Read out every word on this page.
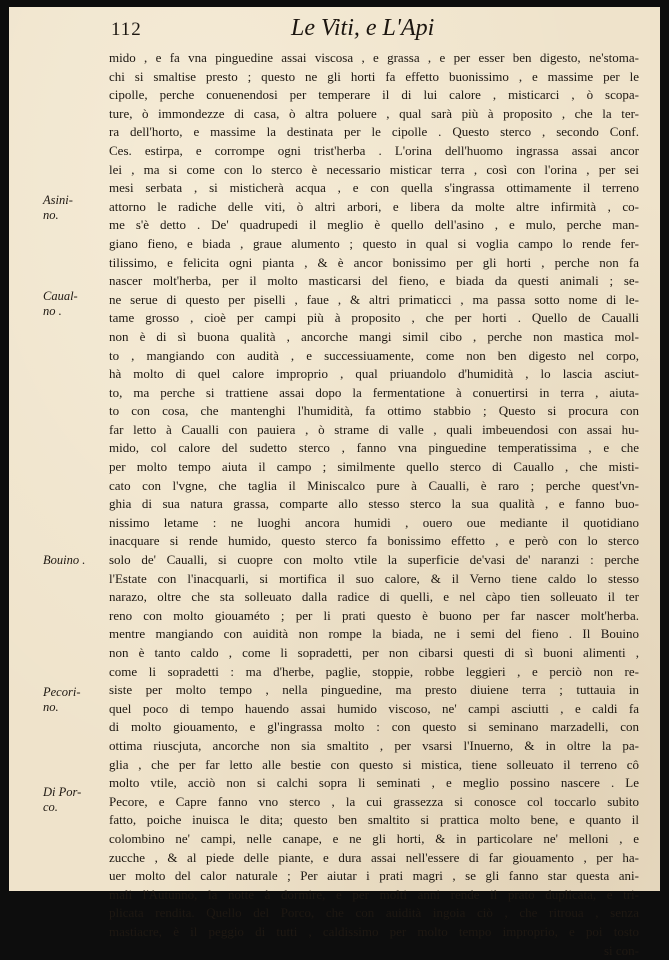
112	Le Viti, e L'Api
Asini-
no.
Caual-
no .
Bouino .
Pecori-
no.
Di Por-
co.
mido , e fa vna pinguedine assai viscosa , e grassa , e per esser ben digesto, ne'stoma-
chi si smaltise presto ; questo ne gli horti fa effetto buonissimo , e massime per le
cipolle, perche conuenendosi per temperare il di lui calore , misticarci , ò scopa-
ture, ò immondezze di casa, ò altra poluere , qual sarà più à proposito , che la ter-
ra dell'horto, e massime la destinata per le cipolle . Questo sterco , secondo Conf.
Ces. estirpa, e corrompe ogni trist'herba . L'orina dell'huomo ingrassa assai ancor
lei , ma si come con lo sterco è necessario misticar terra , così con l'orina , per sei
mesi serbata , si misticherà acqua , e con quella s'ingrassa ottimamente il terreno
attorno le radiche delle viti, ò altri arbori, e libera da molte altre infirmità , co-
me s'è detto . De' quadrupedi il meglio è quello dell'asino , e mulo, perche man-
giano fieno, e biada , graue alumento ; questo in qual si voglia campo lo rende fer-
tilissimo, e felicita ogni pianta , & è ancor bonissimo per gli horti , perche non fa
nascer molt'herba, per il molto masticarsi del fieno, e biada da questi animali ; se-
ne serue di questo per piselli , faue , & altri primaticci , ma passa sotto nome di le-
tame grosso , cioè per campi più à proposito , che per horti . Quello de Caualli
non è di sì buona qualità , ancorche mangi simil cibo , perche non mastica mol-
to , mangiando con audità , e successiuamente, come non ben digesto nel corpo,
hà molto di quel calore improprio , qual priuandolo d'humidità , lo lascia asciut-
to, ma perche si trattiene assai dopo la fermentatione à conuertirsi in terra , aiuta-
to con cosa, che mantenghi l'humidità, fa ottimo stabbio ; Questo si procura con
far letto à Caualli con pauiera , ò strame di valle , quali imbeuendosi con assai hu-
mido, col calore del sudetto sterco , fanno vna pinguedine temperatissima , e che
per molto tempo aiuta il campo ; similmente quello sterco di Cauallo , che misti-
cato con l'vgne, che taglia il Miniscalco pure à Caualli, è raro ; perche quest'vn-
ghia di sua natura grassa, comparte allo stesso sterco la sua qualità , e fanno buo-
nissimo letame : ne luoghi ancora humidi , ouero oue mediante il quotidiano
inacquare si rende humido, questo sterco fa bonissimo effetto , e però con lo sterco
solo de' Caualli, si cuopre con molto vtile la superficie de'vasi de' naranzi : perche
l'Estate con l'inacquarli, si mortifica il suo calore, & il Verno tiene caldo lo stesso
narazo, oltre che sta solleuato dalla radice di quelli, e nel càpo tien solleuato il ter
reno con molto giouaméto ; per li prati questo è buono per far nascer molt'herba.
mentre mangiando con auidità non rompe la biada, ne i semi del fieno . Il Bouino
non è tanto caldo , come li sopradetti, per non cibarsi questi di sì buoni alimenti ,
come li sopradetti : ma d'herbe, paglie, stoppie, robbe leggieri , e perciò non re-
siste per molto tempo , nella pinguedine, ma presto diuiene terra ; tuttauia in
quel poco di tempo hauendo assai humido viscoso, ne' campi asciutti , e caldi fa
di molto giouamento, e gl'ingrassa molto : con questo si seminano marzadelli, con
ottima riuscjuta, ancorche non sia smaltito , per vsarsi l'Inuerno, & in oltre la pa-
glia , che per far letto alle bestie con questo si mistica, tiene solleuato il terreno cô
molto vtile, acciò non si calchi sopra li seminati , e meglio possino nascere . Le
Pecore, e Capre fanno vno sterco , la cui grassezza si conosce col toccarlo subito
fatto, poiche inuisca le dita; questo ben smaltito si prattica molto bene, e quanto il
colombino ne' campi, nelle canape, e ne gli horti, & in particolare ne' melloni , e
zucche , & al piede delle piante, e dura assai nell'essere di far giouamento , per ha-
uer molto del calor naturale ; Per aiutar i prati magri , se gli fanno star questa ani-
mali l'Autunno, la notte à dormire, e per molti anni rende il prato duplicata, e tri-
plicata rendita. Quello del Porco, che con auidità ingoia ciò , che ritroua , senza
mastiacre, è il peggio di tutti , caldissimo per molto tempo improprio, e poi tosto
si con-
